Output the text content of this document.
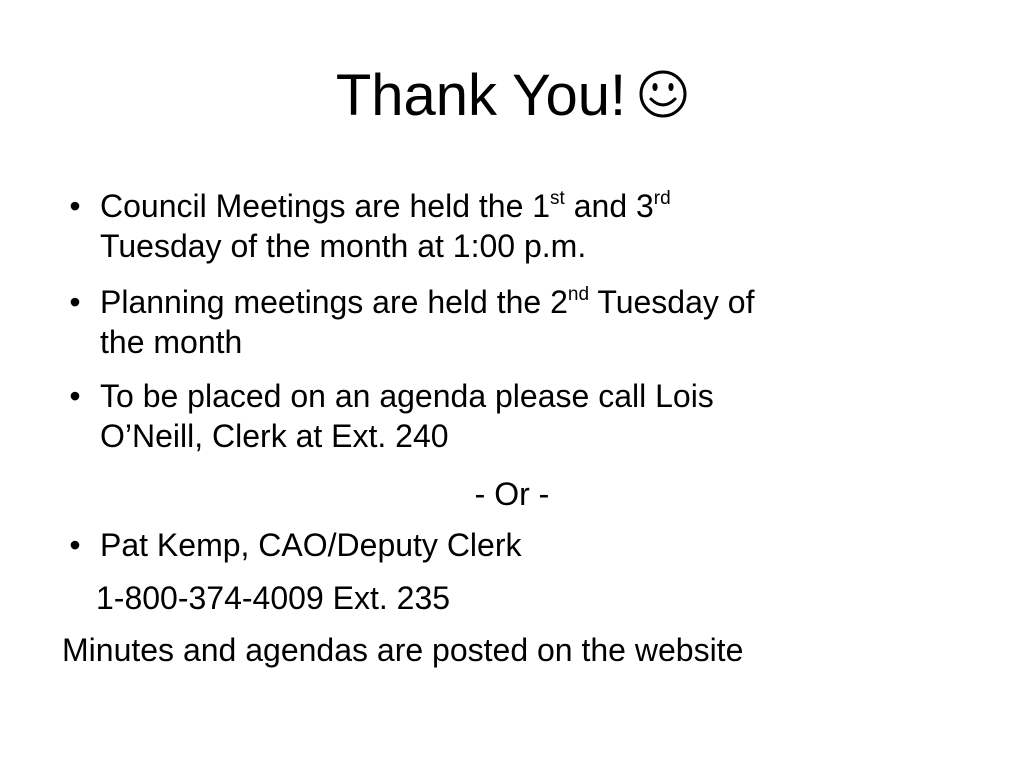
Thank You!
• Council Meetings are held the 1st and 3rd
Tuesday of the month at 1:00 p.m.
• Planning meetings are held the 2nd Tuesday of
the month
• To be placed on an agenda please call Lois
O’Neill, Clerk at Ext. 240
- Or -
• Pat Kemp, CAO/Deputy Clerk
1-800-374-4009 Ext. 235
Minutes and agendas are posted on the website
